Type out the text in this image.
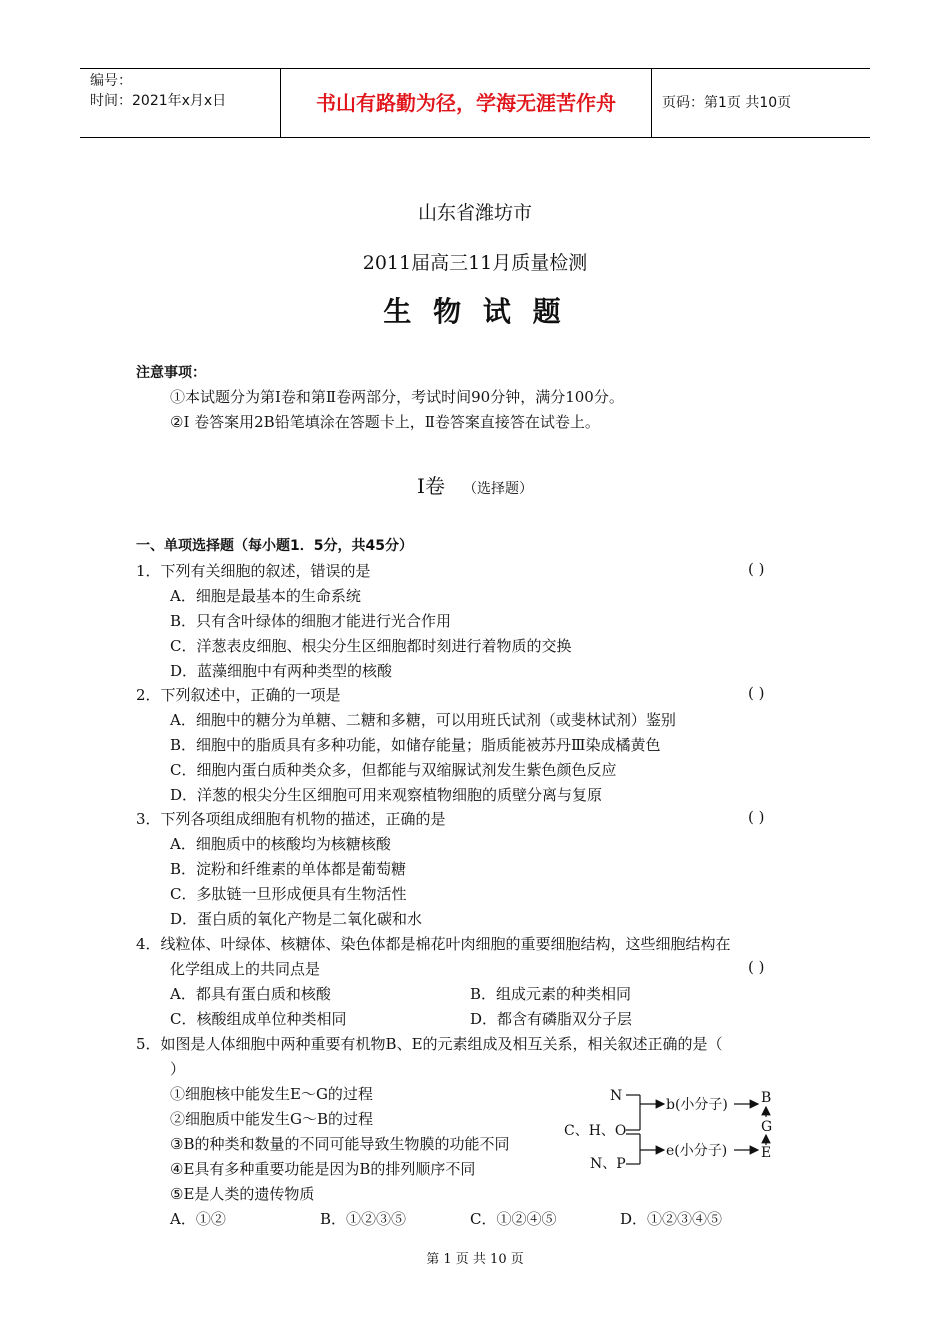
编号：
时间：2021年x月x日	书山有路勤为径，学海无涯苦作舟	页码：第1页 共10页
山东省潍坊市
2011届高三11月质量检测
生 物 试 题
注意事项：
①本试题分为第Ⅰ卷和第Ⅱ卷两部分，考试时间90分钟，满分100分。
②Ⅰ 卷答案用2B铅笔填涂在答题卡上，Ⅱ卷答案直接答在试卷上。
Ⅰ卷 （选择题）
一、单项选择题（每小题1．5分，共45分）
1．下列有关细胞的叙述，错误的是	( )
A．细胞是最基本的生命系统
B．只有含叶绿体的细胞才能进行光合作用
C．洋葱表皮细胞、根尖分生区细胞都时刻进行着物质的交换
D．蓝藻细胞中有两种类型的核酸
2．下列叙述中，正确的一项是	( )
A．细胞中的糖分为单糖、二糖和多糖，可以用班氏试剂（或斐林试剂）鉴别
B．细胞中的脂质具有多种功能，如储存能量；脂质能被苏丹Ⅲ染成橘黄色
C．细胞内蛋白质种类众多，但都能与双缩脲试剂发生紫色颜色反应
D．洋葱的根尖分生区细胞可用来观察植物细胞的质壁分离与复原
3．下列各项组成细胞有机物的描述，正确的是	( )
A．细胞质中的核酸均为核糖核酸
B．淀粉和纤维素的单体都是葡萄糖
C．多肽链一旦形成便具有生物活性
D．蛋白质的氧化产物是二氧化碳和水
4．线粒体、叶绿体、核糖体、染色体都是棉花叶肉细胞的重要细胞结构，这些细胞结构在
化学组成上的共同点是	( )
A．都具有蛋白质和核酸	B．组成元素的种类相同
C．核酸组成单位种类相同	D．都含有磷脂双分子层
5．如图是人体细胞中两种重要有机物B、E的元素组成及相互关系，相关叙述正确的是（
）
①细胞核中能发生E～G的过程
②细胞质中能发生G～B的过程
③B的种类和数量的不同可能导致生物膜的功能不同
④E具有多种重要功能是因为B的排列顺序不同
⑤E是人类的遗传物质
A．①②	B．①②③⑤	C．①②④⑤	D．①②③④⑤
N
C、H、O
N、P
b(小分子)
e(小分子)
B
G
E
第 1 页 共 10 页
